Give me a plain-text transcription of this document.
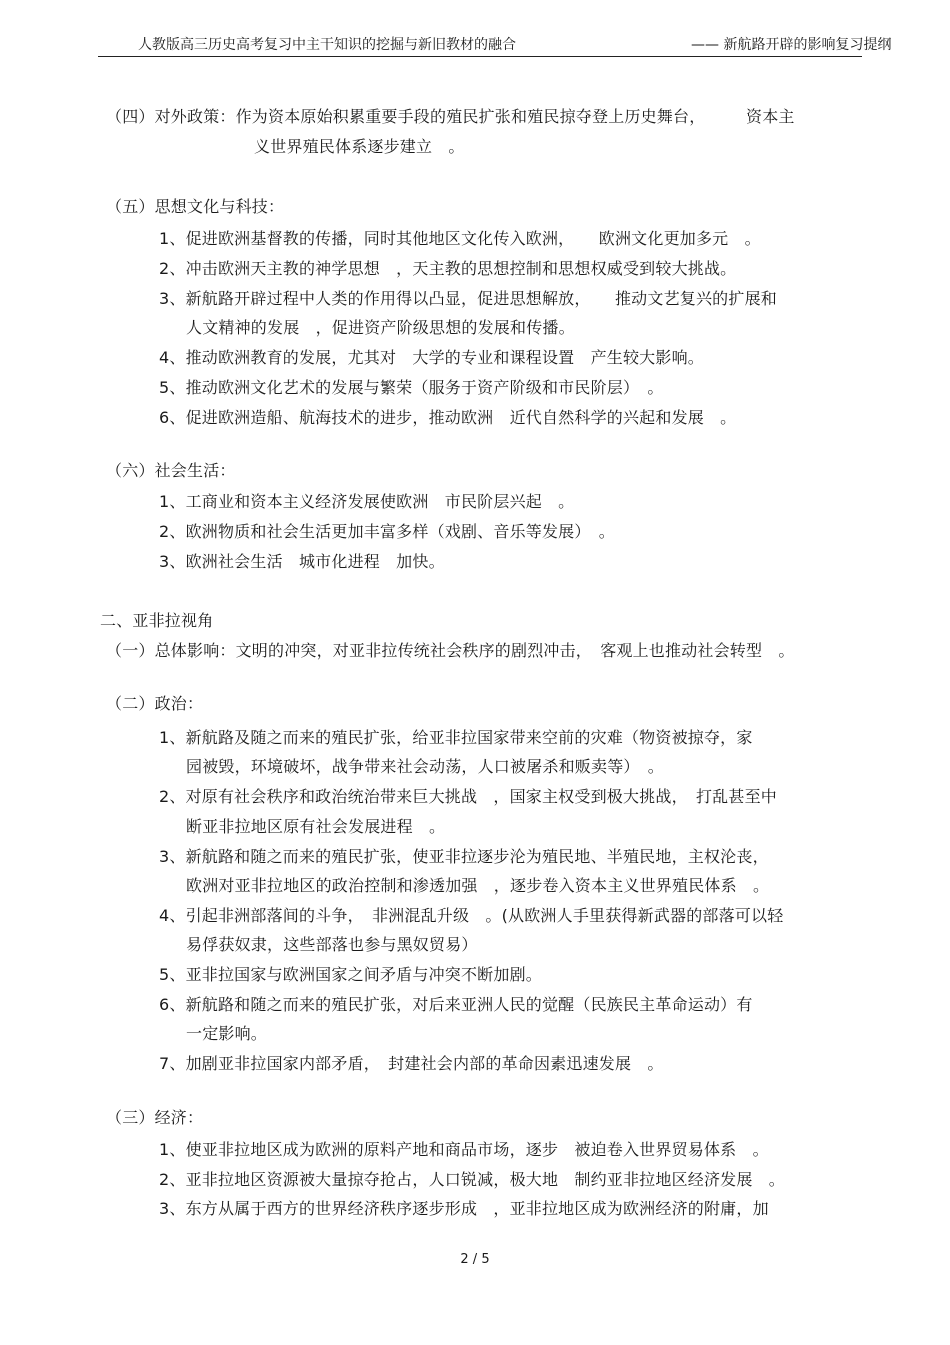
人教版高三历史高考复习中主干知识的挖掘与新旧教材的融合	—— 新航路开辟的影响复习提纲
（四）对外政策：作为资本原始积累重要手段的殖民扩张和殖民掠夺登上历史舞台，　　　资本主
义世界殖民体系逐步建立　。
（五）思想文化与科技：
1、促进欧洲基督教的传播，同时其他地区文化传入欧洲，　　欧洲文化更加多元　。
2、冲击欧洲天主教的神学思想　，天主教的思想控制和思想权威受到较大挑战。
3、新航路开辟过程中人类的作用得以凸显，促进思想解放，　　推动文艺复兴的扩展和
人文精神的发展　，促进资产阶级思想的发展和传播。
4、推动欧洲教育的发展，尤其对　大学的专业和课程设置　产生较大影响。
5、推动欧洲文化艺术的发展与繁荣（服务于资产阶级和市民阶层）　。
6、促进欧洲造船、航海技术的进步，推动欧洲　近代自然科学的兴起和发展　。
（六）社会生活：
1、工商业和资本主义经济发展使欧洲　市民阶层兴起　。
2、欧洲物质和社会生活更加丰富多样（戏剧、音乐等发展）　。
3、欧洲社会生活　城市化进程　加快。
二、亚非拉视角
（一）总体影响：文明的冲突，对亚非拉传统社会秩序的剧烈冲击，　客观上也推动社会转型　。
（二）政治：
1、新航路及随之而来的殖民扩张，给亚非拉国家带来空前的灾难（物资被掠夺，家
园被毁，环境破坏，战争带来社会动荡，人口被屠杀和贩卖等）　。
2、对原有社会秩序和政治统治带来巨大挑战　，国家主权受到极大挑战，　打乱甚至中
断亚非拉地区原有社会发展进程　。
3、新航路和随之而来的殖民扩张，使亚非拉逐步沦为殖民地、半殖民地，主权沦丧，
欧洲对亚非拉地区的政治控制和渗透加强　，逐步卷入资本主义世界殖民体系　。
4、引起非洲部落间的斗争，　非洲混乱升级　。(从欧洲人手里获得新武器的部落可以轻
易俘获奴隶，这些部落也参与黑奴贸易）
5、亚非拉国家与欧洲国家之间矛盾与冲突不断加剧。
6、新航路和随之而来的殖民扩张，对后来亚洲人民的觉醒（民族民主革命运动）有
一定影响。
7、加剧亚非拉国家内部矛盾，　封建社会内部的革命因素迅速发展　。
（三）经济：
1、使亚非拉地区成为欧洲的原料产地和商品市场，逐步　被迫卷入世界贸易体系　。
2、亚非拉地区资源被大量掠夺抢占，人口锐减，极大地　制约亚非拉地区经济发展　。
3、东方从属于西方的世界经济秩序逐步形成　，亚非拉地区成为欧洲经济的附庸，加
2 / 5
